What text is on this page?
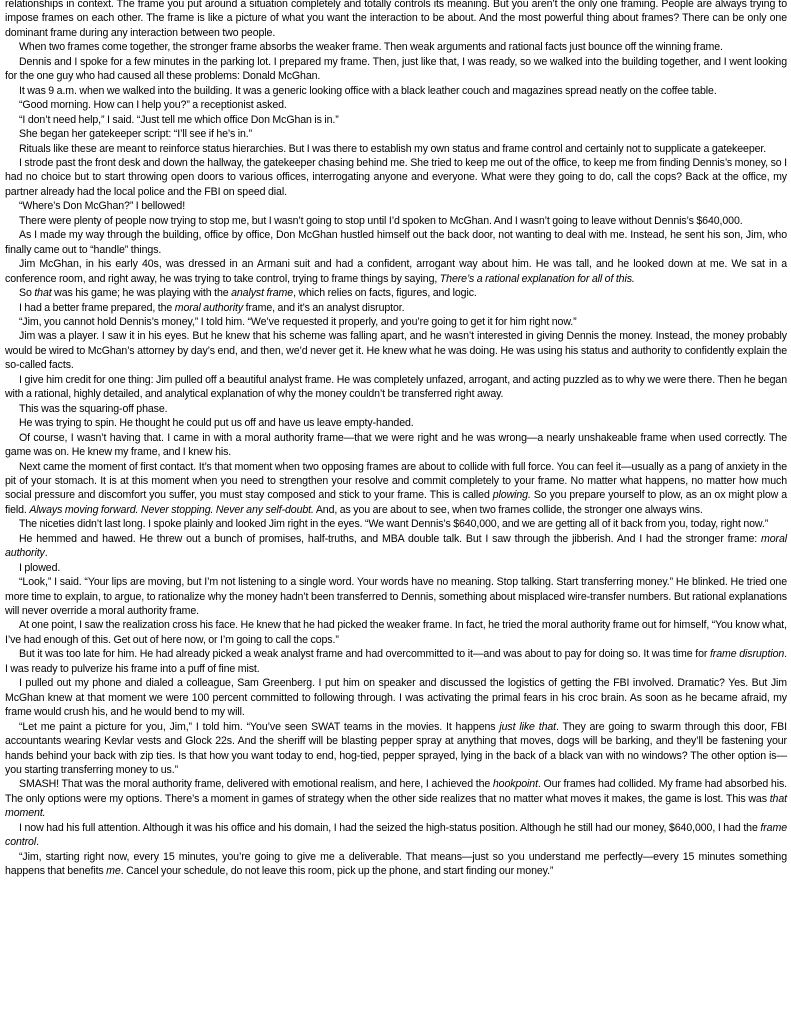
relationships in context. The frame you put around a situation completely and totally controls its meaning. But you aren’t the only one framing. People are always trying to impose frames on each other. The frame is like a picture of what you want the interaction to be about. And the most powerful thing about frames? There can be only one dominant frame during any interaction between two people.

When two frames come together, the stronger frame absorbs the weaker frame. Then weak arguments and rational facts just bounce off the winning frame.

Dennis and I spoke for a few minutes in the parking lot. I prepared my frame. Then, just like that, I was ready, so we walked into the building together, and I went looking for the one guy who had caused all these problems: Donald McGhan.

It was 9 a.m. when we walked into the building. It was a generic looking office with a black leather couch and magazines spread neatly on the coffee table.

“Good morning. How can I help you?” a receptionist asked.

“I don’t need help,” I said. “Just tell me which office Don McGhan is in.”

She began her gatekeeper script: “I’ll see if he’s in.”

Rituals like these are meant to reinforce status hierarchies. But I was there to establish my own status and frame control and certainly not to supplicate a gatekeeper.

I strode past the front desk and down the hallway, the gatekeeper chasing behind me. She tried to keep me out of the office, to keep me from finding Dennis’s money, so I had no choice but to start throwing open doors to various offices, interrogating anyone and everyone. What were they going to do, call the cops? Back at the office, my partner already had the local police and the FBI on speed dial.

“Where’s Don McGhan?” I bellowed!

There were plenty of people now trying to stop me, but I wasn’t going to stop until I’d spoken to McGhan. And I wasn’t going to leave without Dennis’s $640,000.

As I made my way through the building, office by office, Don McGhan hustled himself out the back door, not wanting to deal with me. Instead, he sent his son, Jim, who finally came out to “handle” things.

Jim McGhan, in his early 40s, was dressed in an Armani suit and had a confident, arrogant way about him. He was tall, and he looked down at me. We sat in a conference room, and right away, he was trying to take control, trying to frame things by saying, There’s a rational explanation for all of this.

So that was his game; he was playing with the analyst frame, which relies on facts, figures, and logic.

I had a better frame prepared, the moral authority frame, and it’s an analyst disruptor.

“Jim, you cannot hold Dennis’s money,” I told him. “We’ve requested it properly, and you’re going to get it for him right now.”

Jim was a player. I saw it in his eyes. But he knew that his scheme was falling apart, and he wasn’t interested in giving Dennis the money. Instead, the money probably would be wired to McGhan’s attorney by day’s end, and then, we’d never get it. He knew what he was doing. He was using his status and authority to confidently explain the so-called facts.

I give him credit for one thing: Jim pulled off a beautiful analyst frame. He was completely unfazed, arrogant, and acting puzzled as to why we were there. Then he began with a rational, highly detailed, and analytical explanation of why the money couldn’t be transferred right away.

This was the squaring-off phase.

He was trying to spin. He thought he could put us off and have us leave empty-handed.

Of course, I wasn’t having that. I came in with a moral authority frame—that we were right and he was wrong—a nearly unshakeable frame when used correctly. The game was on. He knew my frame, and I knew his.

Next came the moment of first contact. It’s that moment when two opposing frames are about to collide with full force. You can feel it—usually as a pang of anxiety in the pit of your stomach. It is at this moment when you need to strengthen your resolve and commit completely to your frame. No matter what happens, no matter how much social pressure and discomfort you suffer, you must stay composed and stick to your frame. This is called plowing. So you prepare yourself to plow, as an ox might plow a field. Always moving forward. Never stopping. Never any self-doubt. And, as you are about to see, when two frames collide, the stronger one always wins.

The niceties didn’t last long. I spoke plainly and looked Jim right in the eyes. “We want Dennis’s $640,000, and we are getting all of it back from you, today, right now.”

He hemmed and hawed. He threw out a bunch of promises, half-truths, and MBA double talk. But I saw through the jibberish. And I had the stronger frame: moral authority.

I plowed.

“Look,” I said. “Your lips are moving, but I’m not listening to a single word. Your words have no meaning. Stop talking. Start transferring money.” He blinked. He tried one more time to explain, to argue, to rationalize why the money hadn’t been transferred to Dennis, something about misplaced wire-transfer numbers. But rational explanations will never override a moral authority frame.

At one point, I saw the realization cross his face. He knew that he had picked the weaker frame. In fact, he tried the moral authority frame out for himself, “You know what, I’ve had enough of this. Get out of here now, or I’m going to call the cops.”

But it was too late for him. He had already picked a weak analyst frame and had overcommitted to it—and was about to pay for doing so. It was time for frame disruption. I was ready to pulverize his frame into a puff of fine mist.

I pulled out my phone and dialed a colleague, Sam Greenberg. I put him on speaker and discussed the logistics of getting the FBI involved. Dramatic? Yes. But Jim McGhan knew at that moment we were 100 percent committed to following through. I was activating the primal fears in his croc brain. As soon as he became afraid, my frame would crush his, and he would bend to my will.

“Let me paint a picture for you, Jim,” I told him. “You’ve seen SWAT teams in the movies. It happens just like that. They are going to swarm through this door, FBI accountants wearing Kevlar vests and Glock 22s. And the sheriff will be blasting pepper spray at anything that moves, dogs will be barking, and they’ll be fastening your hands behind your back with zip ties. Is that how you want today to end, hog-tied, pepper sprayed, lying in the back of a black van with no windows? The other option is—you starting transferring money to us.”

SMASH! That was the moral authority frame, delivered with emotional realism, and here, I achieved the hookpoint. Our frames had collided. My frame had absorbed his. The only options were my options. There’s a moment in games of strategy when the other side realizes that no matter what moves it makes, the game is lost. This was that moment.

I now had his full attention. Although it was his office and his domain, I had the seized the high-status position. Although he still had our money, $640,000, I had the frame control.

“Jim, starting right now, every 15 minutes, you’re going to give me a deliverable. That means—just so you understand me perfectly—every 15 minutes something happens that benefits me. Cancel your schedule, do not leave this room, pick up the phone, and start finding our money.”
